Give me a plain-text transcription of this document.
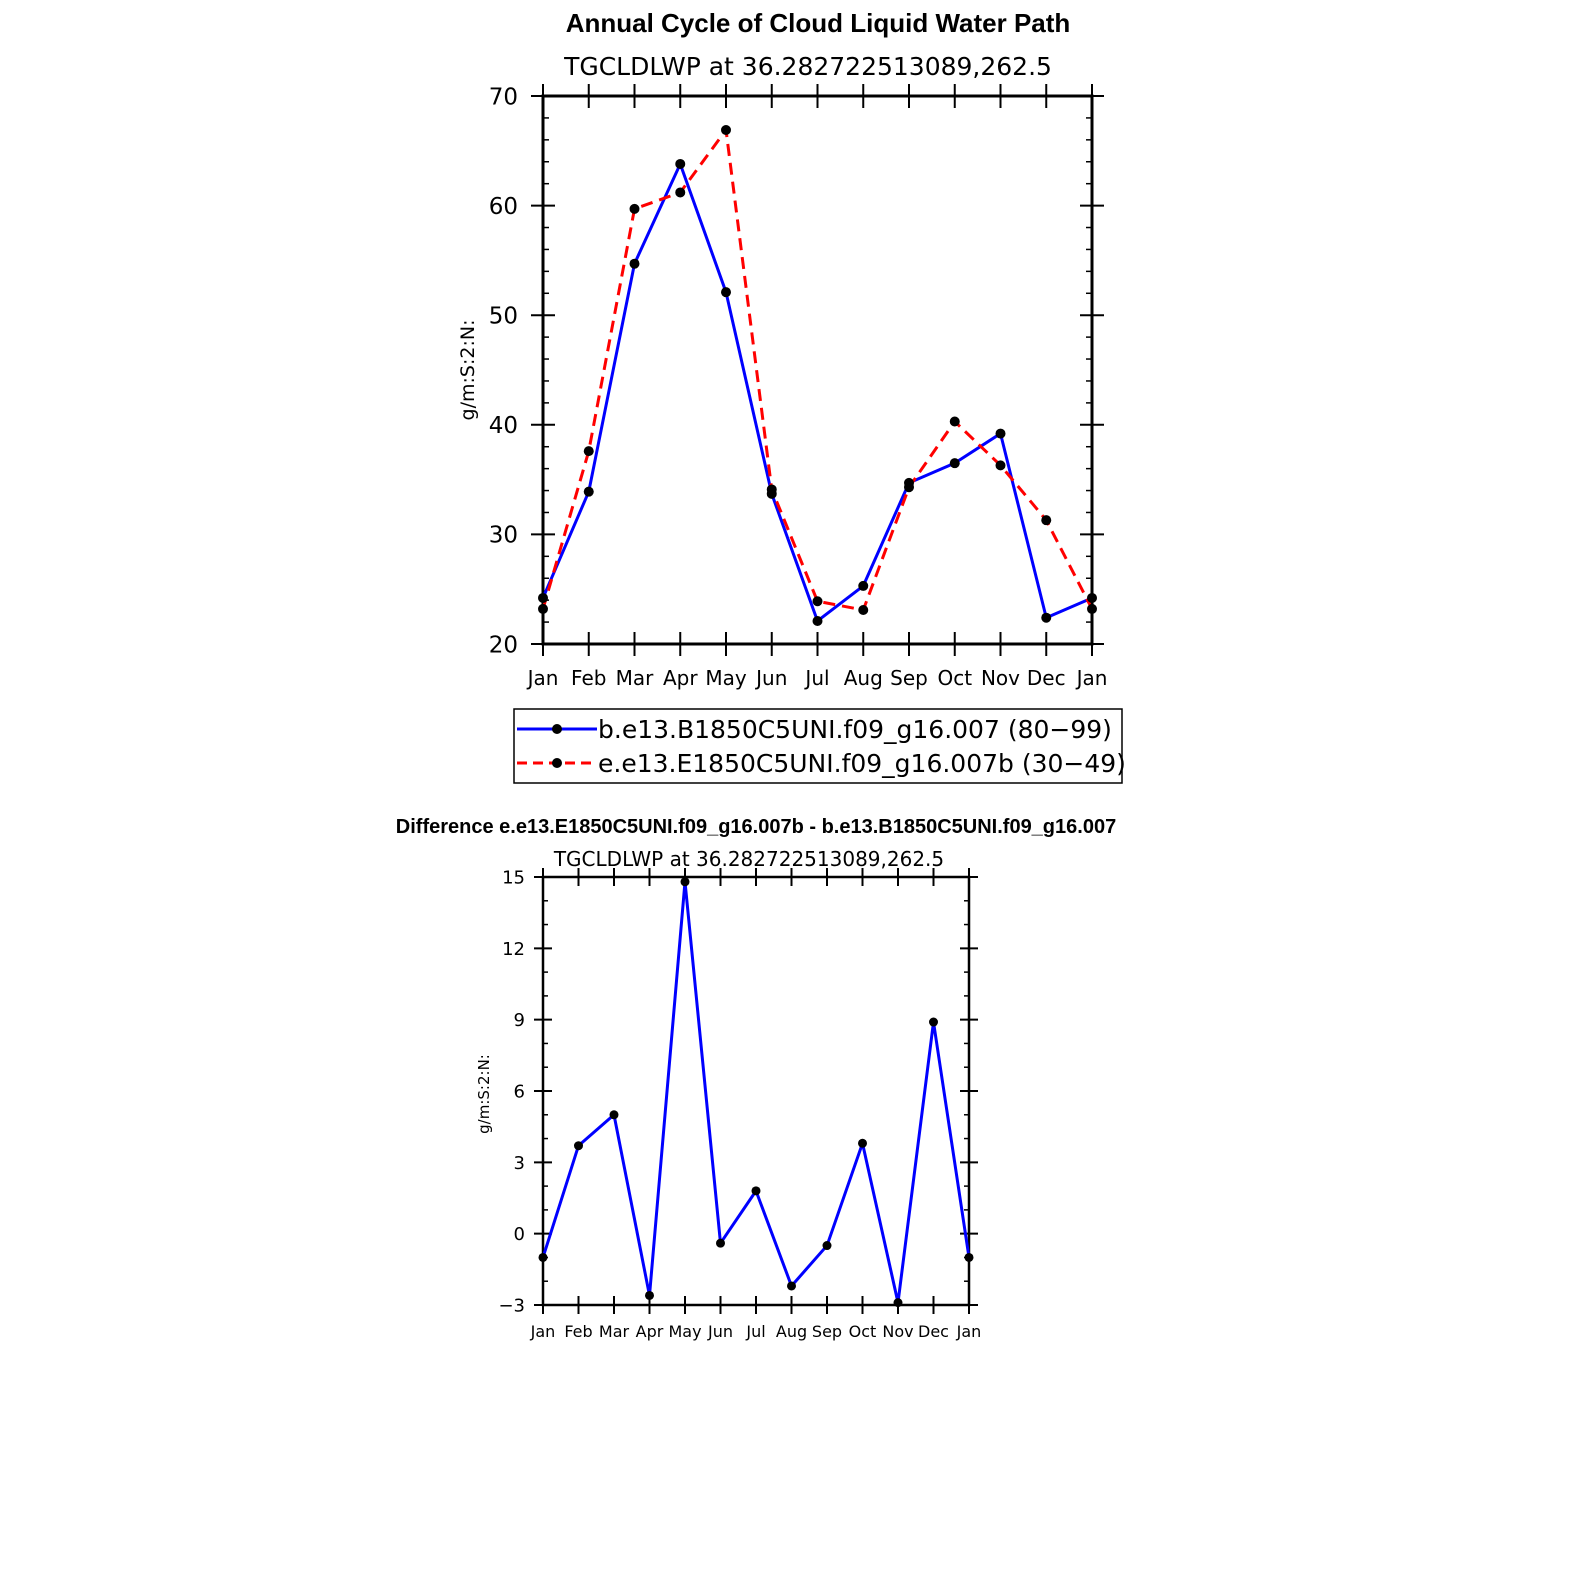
Annual Cycle of Cloud Liquid Water Path
TGCLDLWP at 36.282722513089,262.5
g/m:S:2:N:
Jan Feb Mar Apr May Jun Jul Aug Sep Oct Nov Dec Jan
20
30
40
50
60
70
b.e13.B1850C5UNI.f09_g16.007 (80−99)
e.e13.E1850C5UNI.f09_g16.007b (30−49)
Difference e.e13.E1850C5UNI.f09_g16.007b - b.e13.B1850C5UNI.f09_g16.007
TGCLDLWP at 36.282722513089,262.5
g/m:S:2:N:
Jan Feb Mar Apr May Jun Jul Aug Sep Oct Nov Dec Jan
−3
0
3
6
9
12
15
